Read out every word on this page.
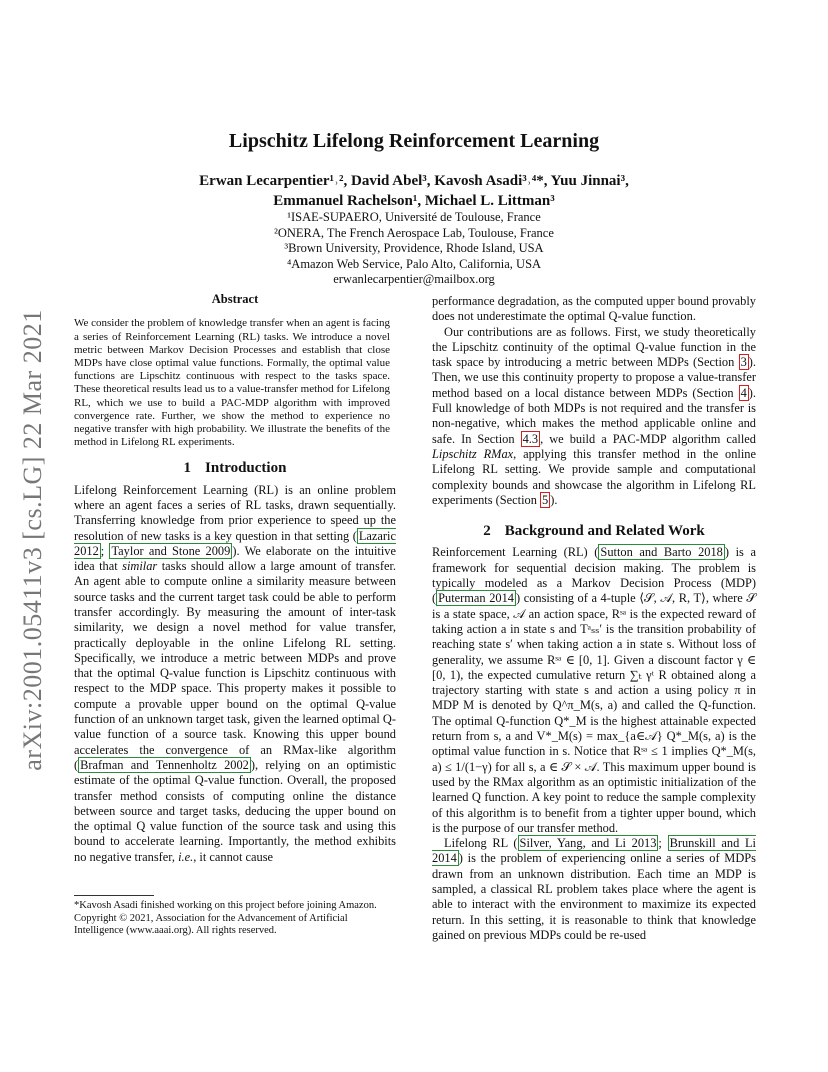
arXiv:2001.05411v3 [cs.LG] 22 Mar 2021
Lipschitz Lifelong Reinforcement Learning
Erwan Lecarpentier¹˒², David Abel³, Kavosh Asadi³˒⁴*, Yuu Jinnai³,
Emmanuel Rachelson¹, Michael L. Littman³
¹ISAE-SUPAERO, Université de Toulouse, France
²ONERA, The French Aerospace Lab, Toulouse, France
³Brown University, Providence, Rhode Island, USA
⁴Amazon Web Service, Palo Alto, California, USA
erwanlecarpentier@mailbox.org
Abstract

We consider the problem of knowledge transfer when an agent is facing a series of Reinforcement Learning (RL) tasks. We introduce a novel metric between Markov Decision Processes and establish that close MDPs have close optimal value functions. Formally, the optimal value functions are Lipschitz continuous with respect to the tasks space. These theoretical results lead us to a value-transfer method for Lifelong RL, which we use to build a PAC-MDP algorithm with improved convergence rate. Further, we show the method to experience no negative transfer with high probability. We illustrate the benefits of the method in Lifelong RL experiments.

1 Introduction

Lifelong Reinforcement Learning (RL) is an online problem where an agent faces a series of RL tasks, drawn sequentially. Transferring knowledge from prior experience to speed up the resolution of new tasks is a key question in that setting ( Lazaric 2012 ; Taylor and Stone 2009 ). We elaborate on the intuitive idea that similar tasks should allow a large amount of transfer. An agent able to compute online a similarity measure between source tasks and the current target task could be able to perform transfer accordingly. By measuring the amount of inter-task similarity, we design a novel method for value transfer, practically deployable in the online Lifelong RL setting. Specifically, we introduce a metric between MDPs and prove that the optimal Q-value function is Lipschitz continuous with respect to the MDP space. This property makes it possible to compute a provable upper bound on the optimal Q-value function of an unknown target task, given the learned optimal Q-value function of a source task. Knowing this upper bound accelerates the convergence of an RMax-like algorithm ( Brafman and Tennenholtz 2002 ), relying on an optimistic estimate of the optimal Q-value function. Overall, the proposed transfer method consists of computing online the distance between source and target tasks, deducing the upper bound on the optimal Q value function of the source task and using this bound to accelerate learning. Importantly, the method exhibits no negative transfer, i.e., it cannot cause

*Kavosh Asadi finished working on this project before joining Amazon.
Copyright © 2021, Association for the Advancement of Artificial Intelligence (www.aaai.org). All rights reserved.

performance degradation, as the computed upper bound provably does not underestimate the optimal Q-value function.

Our contributions are as follows. First, we study theoretically the Lipschitz continuity of the optimal Q-value function in the task space by introducing a metric between MDPs (Section 3 ). Then, we use this continuity property to propose a value-transfer method based on a local distance between MDPs (Section 4 ). Full knowledge of both MDPs is not required and the transfer is non-negative, which makes the method applicable online and safe. In Section 4.3 , we build a PAC-MDP algorithm called Lipschitz RMax, applying this transfer method in the online Lifelong RL setting. We provide sample and computational complexity bounds and showcase the algorithm in Lifelong RL experiments (Section 5 ).

2 Background and Related Work

Reinforcement Learning (RL) ( Sutton and Barto 2018 ) is a framework for sequential decision making. The problem is typically modeled as a Markov Decision Process (MDP) ( Puterman 2014 ) consisting of a 4-tuple ⟨𝒮, 𝒜, R, T⟩, where 𝒮 is a state space, 𝒜 an action space, Rˢᵃ is the expected reward of taking action a in state s and Tᵃₛₛ′ is the transition probability of reaching state s′ when taking action a in state s. Without loss of generality, we assume Rˢᵃ ∈ [0, 1]. Given a discount factor γ ∈ [0, 1), the expected cumulative return ∑ₜ γᵗ R obtained along a trajectory starting with state s and action a using policy π in MDP M is denoted by Q^π_M(s, a) and called the Q-function. The optimal Q-function Q*_M is the highest attainable expected return from s, a and V*_M(s) = max_{a∈𝒜} Q*_M(s, a) is the optimal value function in s. Notice that Rˢᵃ ≤ 1 implies Q*_M(s, a) ≤ 1/(1−γ) for all s, a ∈ 𝒮 × 𝒜. This maximum upper bound is used by the RMax algorithm as an optimistic initialization of the learned Q function. A key point to reduce the sample complexity of this algorithm is to benefit from a tighter upper bound, which is the purpose of our transfer method.

Lifelong RL ( Silver, Yang, and Li 2013 ; Brunskill and Li 2014 ) is the problem of experiencing online a series of MDPs drawn from an unknown distribution. Each time an MDP is sampled, a classical RL problem takes place where the agent is able to interact with the environment to maximize its expected return. In this setting, it is reasonable to think that knowledge gained on previous MDPs could be re-used
